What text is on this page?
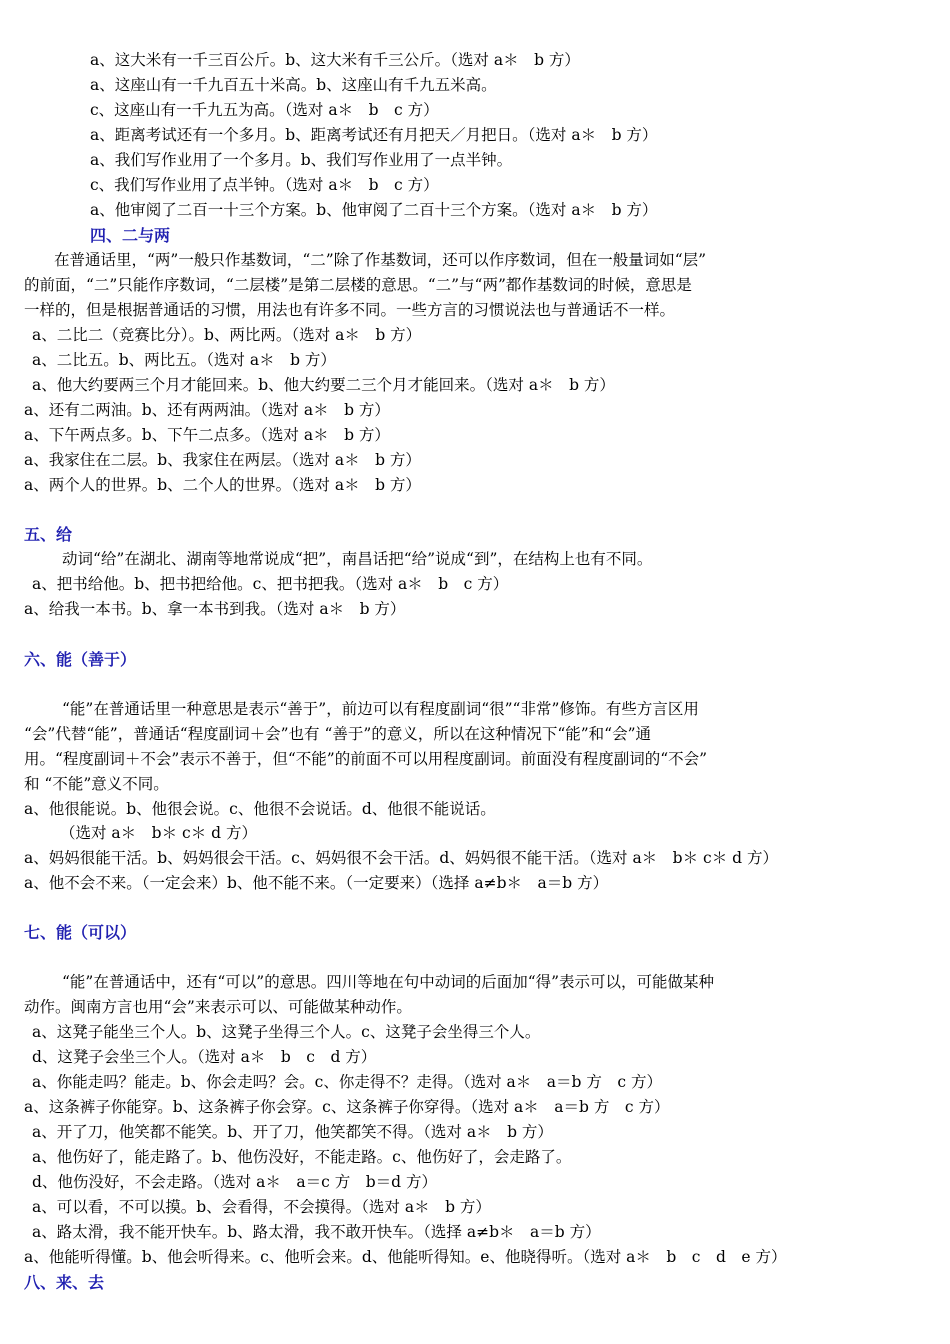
a、这大米有一千三百公斤。b、这大米有千三公斤。（选对 a＊　b 方）
a、这座山有一千九百五十米高。b、这座山有千九五米高。
c、这座山有一千九五为高。（选对 a＊　b　c 方）
a、距离考试还有一个多月。b、距离考试还有月把天／月把日。（选对 a＊　b 方）
a、我们写作业用了一个多月。b、我们写作业用了一点半钟。
c、我们写作业用了点半钟。（选对 a＊　b　c 方）
a、他审阅了二百一十三个方案。b、他审阅了二百十三个方案。（选对 a＊　b 方）
四、二与两
在普通话里，“两”一般只作基数词，“二”除了作基数词，还可以作序数词，但在一般量词如“层”
的前面，“二”只能作序数词，“二层楼”是第二层楼的意思。“二”与“两”都作基数词的时候，意思是
一样的，但是根据普通话的习惯，用法也有许多不同。一些方言的习惯说法也与普通话不一样。
a、二比二（竞赛比分）。b、两比两。（选对 a＊　b 方）
a、二比五。b、两比五。（选对 a＊　b 方）
a、他大约要两三个月才能回来。b、他大约要二三个月才能回来。（选对 a＊　b 方）
a、还有二两油。b、还有两两油。（选对 a＊　b 方）
a、下午两点多。b、下午二点多。（选对 a＊　b 方）
a、我家住在二层。b、我家住在两层。（选对 a＊　b 方）
a、两个人的世界。b、二个人的世界。（选对 a＊　b 方）
五、给
动词“给”在湖北、湖南等地常说成“把”，南昌话把“给”说成“到”，在结构上也有不同。
a、把书给他。b、把书把给他。c、把书把我。（选对 a＊　b　c 方）
a、给我一本书。b、拿一本书到我。（选对 a＊　b 方）
六、能（善于）
“能”在普通话里一种意思是表示“善于”，前边可以有程度副词“很”“非常”修饰。有些方言区用
“会”代替“能”，普通话“程度副词＋会”也有 “善于”的意义，所以在这种情况下“能”和“会”通
用。“程度副词＋不会”表示不善于，但“不能”的前面不可以用程度副词。前面没有程度副词的“不会”
和 “不能”意义不同。
a、他很能说。b、他很会说。c、他很不会说话。d、他很不能说话。
（选对 a＊　b＊ c＊ d 方）
a、妈妈很能干活。b、妈妈很会干活。c、妈妈很不会干活。d、妈妈很不能干活。（选对 a＊　b＊ c＊ d 方）
a、他不会不来。（一定会来）b、他不能不来。（一定要来）（选择 a≠b＊　a＝b 方）
七、能（可以）
“能”在普通话中，还有“可以”的意思。四川等地在句中动词的后面加“得”表示可以，可能做某种
动作。闽南方言也用“会”来表示可以、可能做某种动作。
a、这凳子能坐三个人。b、这凳子坐得三个人。c、这凳子会坐得三个人。
d、这凳子会坐三个人。（选对 a＊　b　c　d 方）
a、你能走吗？能走。b、你会走吗？会。c、你走得不？走得。（选对 a＊　a＝b 方　c 方）
a、这条裤子你能穿。b、这条裤子你会穿。c、这条裤子你穿得。（选对 a＊　a＝b 方　c 方）
a、开了刀，他笑都不能笑。b、开了刀，他笑都笑不得。（选对 a＊　b 方）
a、他伤好了，能走路了。b、他伤没好，不能走路。c、他伤好了，会走路了。
d、他伤没好，不会走路。（选对 a＊　a＝c 方　b＝d 方）
a、可以看，不可以摸。b、会看得，不会摸得。（选对 a＊　b 方）
a、路太滑，我不能开快车。b、路太滑，我不敢开快车。（选择 a≠b＊　a＝b 方）
a、他能听得懂。b、他会听得来。c、他听会来。d、他能听得知。e、他晓得听。（选对 a＊　b　c　d　e 方）
八、来、去
